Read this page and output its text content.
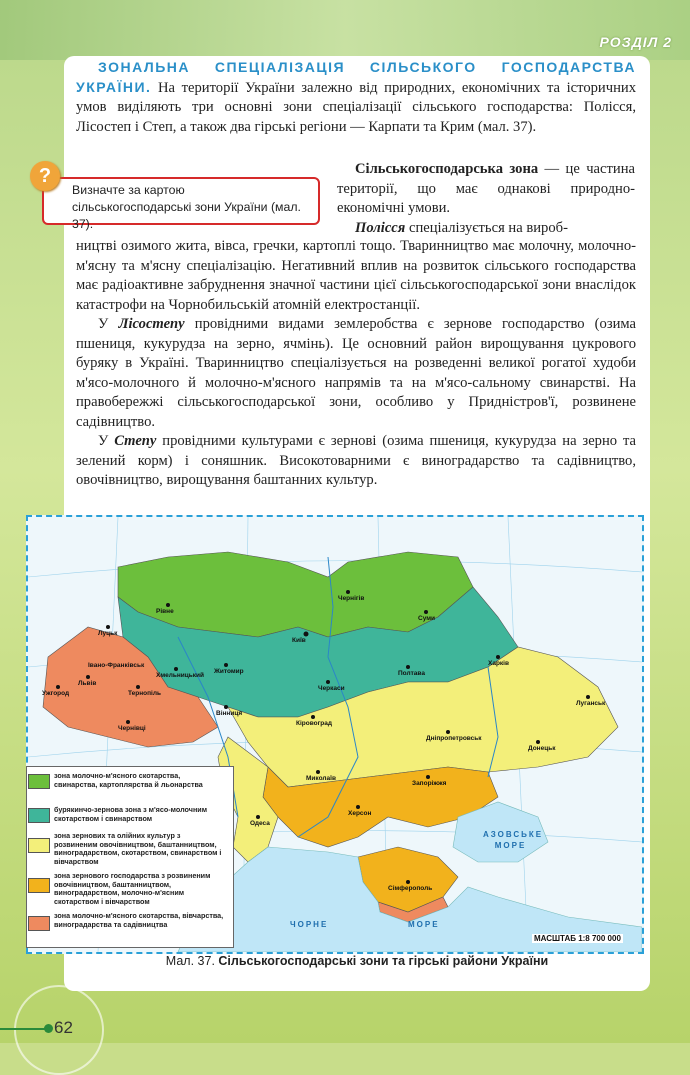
РОЗДІЛ 2

ЗОНАЛЬНА СПЕЦІАЛІЗАЦІЯ СІЛЬСЬКОГО ГОСПОДАРСТВА УКРАЇНИ. На території України залежно від природних, економічних та історичних умов виділяють три основні зони спеціалізації сільського господарства: Полісся, Лісостеп і Степ, а також два гірські регіони — Карпати та Крим (мал. 37).

?
Визначте за картою сільськогосподарські зони України (мал. 37).

Сільськогосподарська зона — це частина території, що має однакові природно-економічні умови.

Полісся спеціалізується на вироб-

ництві озимого жита, вівса, гречки, картоплі тощо. Тваринництво має молочну, молочно-м'ясну та м'ясну спеціалізацію. Негативний вплив на розвиток сільського господарства має радіоактивне забруднення значної частини цієї сільськогосподарської зони внаслідок катастрофи на Чорнобильській атомній електростанції.

У Лісостепу провідними видами землеробства є зернове господарство (озима пшениця, кукурудза на зерно, ячмінь). Це основний район вирощування цукрового буряку в Україні. Тваринництво спеціалізується на розведенні великої рогатої худоби м'ясо-молочного й молочно-м'ясного напрямів та на м'ясо-сальному свинарстві. На правобережжі сільськогосподарської зони, особливо у Придністров'ї, розвинене садівництво.

У Степу провідними культурами є зернові (озима пшениця, кукурудза на зерно та зелений корм) і соняшник. Високотоварними є виноградарство та садівництво, овочівництво, вирощування баштанних культур.

Київ
Житомир
Рівне
Луцьк
Львів
Тернопіль
Хмельницький
Вінниця
Чернігів
Суми
Харків
Полтава
Черкаси
Кіровоград
Дніпропетровськ
Донецьк
Луганськ
Запоріжжя
Миколаїв
Одеса
Херсон
Сімферополь
Ужгород
Чернівці
Івано-Франківськ
ЧОРНЕ	МОРЕ
АЗОВСЬКЕ МОРЕ
зона молочно-м'ясного скотарства, свинарства, картоплярства й льонарства
бурякинчо-зернова зона з м'ясо-молочним скотарством і свинарством
зона зернових та олійних культур з розвиненим овочівництвом, баштанництвом, виноградарством, скотарством, свинарством і вівчарством
зона зернового господарства з розвиненим овочівництвом, баштанництвом, виноградарством, молочно-м'ясним скотарством і вівчарством
зона молочно-м'ясного скотарства, вівчарства, виноградарства та садівництва
МАСШТАБ 1:8 700 000
Мал. 37. Сільськогосподарські зони та гірські райони України
62
